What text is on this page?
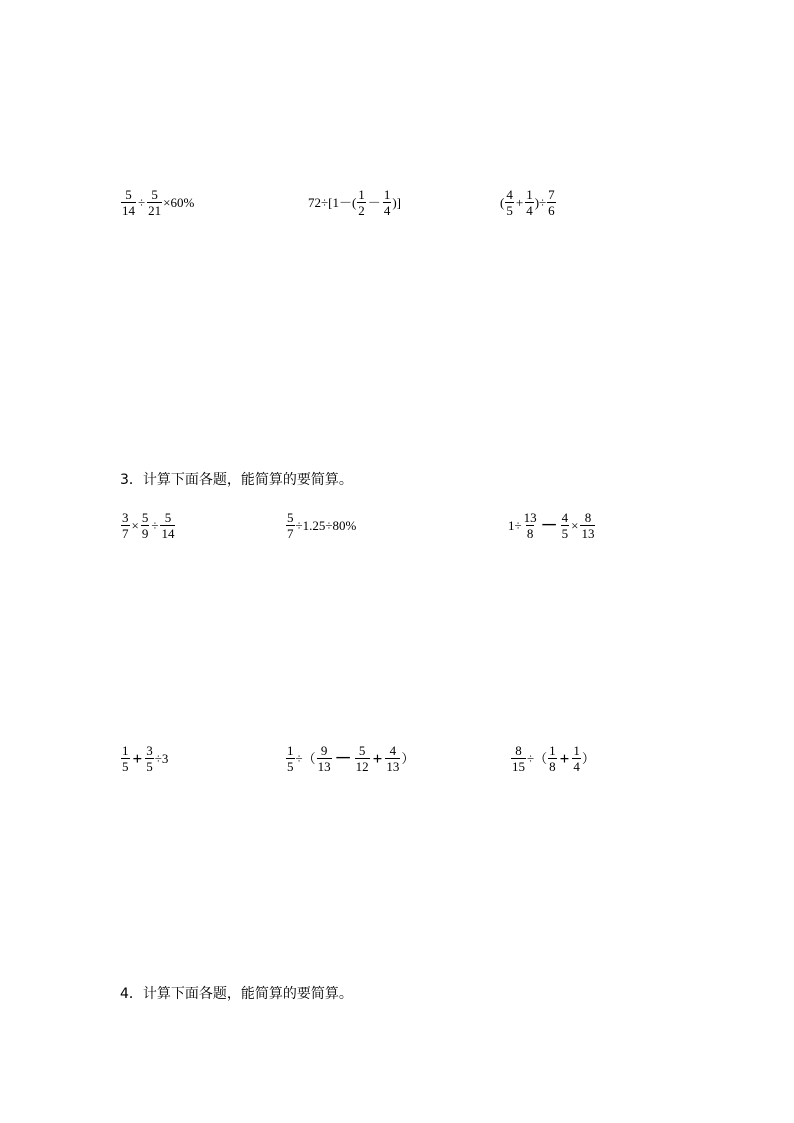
$\frac{5}{14} \div \frac{5}{21} \times 60\%$	$72\div[1-( \frac{1}{2} - \frac{1}{4}$ )]	( $\frac{4}{5} + \frac{1}{4}$ )÷ $\frac{7}{6}$
3．计算下面各题，能简算的要简算。
$\frac{3}{7} \times \frac{5}{9} \div \frac{5}{14}$	$\frac{5}{7} \div 1.25\div 80\%$	$1\div \frac{13}{8} - \frac{4}{5} \times \frac{8}{13}$
$\frac{1}{5} + \frac{3}{5} \div 3$	$\frac{1}{5}$ ÷（ $\frac{9}{13} - \frac{5}{12} + \frac{4}{13}$ ）	$\frac{8}{15}$ ÷（ $\frac{1}{8} + \frac{1}{4}$ ）
4．计算下面各题，能简算的要简算。
